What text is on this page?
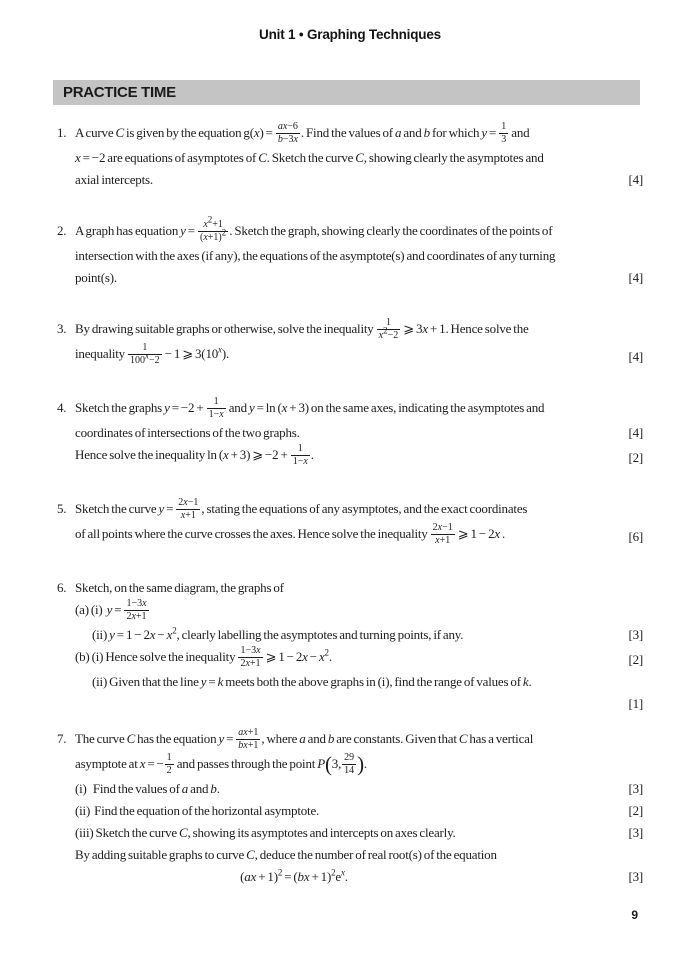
Unit 1 • Graphing Techniques
PRACTICE TIME
1. A curve C is given by the equation $g(x) = \frac{ax-6}{b-3x}$ . Find the values of a and b for which $y = \frac{1}{3}$ and
x = −2 are equations of asymptotes of C. Sketch the curve C, showing clearly the asymptotes and
axial intercepts.	[4]
2. A graph has equation $y = \frac{x^2+1}{(x+1)^2}$ . Sketch the graph, showing clearly the coordinates of the points of
intersection with the axes (if any), the equations of the asymptote(s) and coordinates of any turning
point(s).	[4]
3. By drawing suitable graphs or otherwise, solve the inequality $\frac{1}{x^2-2}$ ⩾ 3x + 1. Hence solve the
inequality $\frac{1}{100^x-2} - 1$ ⩾ 3(10$^x$).	[4]
4. Sketch the graphs $y = -2 + \frac{1}{1-x}$ and y = ln (x + 3) on the same axes, indicating the asymptotes and
coordinates of intersections of the two graphs.	[4]
Hence solve the inequality ln (x + 3) ⩾ $-2 + \frac{1}{1-x}$ .	[2]
5. Sketch the curve $y = \frac{2x-1}{x+1}$ , stating the equations of any asymptotes, and the exact coordinates
of all points where the curve crosses the axes. Hence solve the inequality $\frac{2x-1}{x+1}$ ⩾ 1 − 2x .	[6]
6. Sketch, on the same diagram, the graphs of
(a) (i)  $y = \frac{1-3x}{2x+1}$
(ii) $y = 1 - 2x - x^2$, clearly labelling the asymptotes and turning points, if any.	[3]
(b) (i) Hence solve the inequality $\frac{1-3x}{2x+1}$ ⩾ $1 - 2x - x^2$.	[2]
(ii) Given that the line y = k meets both the above graphs in (i), find the range of values of k.
[1]
7. The curve C has the equation $y = \frac{ax+1}{bx+1}$ , where a and b are constants. Given that C has a vertical
asymptote at x = − $\frac{1}{2}$ and passes through the point P(3, $\frac{29}{14}$ ).
(i)   Find the values of a and b.	[3]
(ii)  Find the equation of the horizontal asymptote.	[2]
(iii) Sketch the curve C, showing its asymptotes and intercepts on axes clearly.	[3]
By adding suitable graphs to curve C, deduce the number of real root(s) of the equation
$(ax + 1)^2 = (bx + 1)^2e^x$.	[3]
9
